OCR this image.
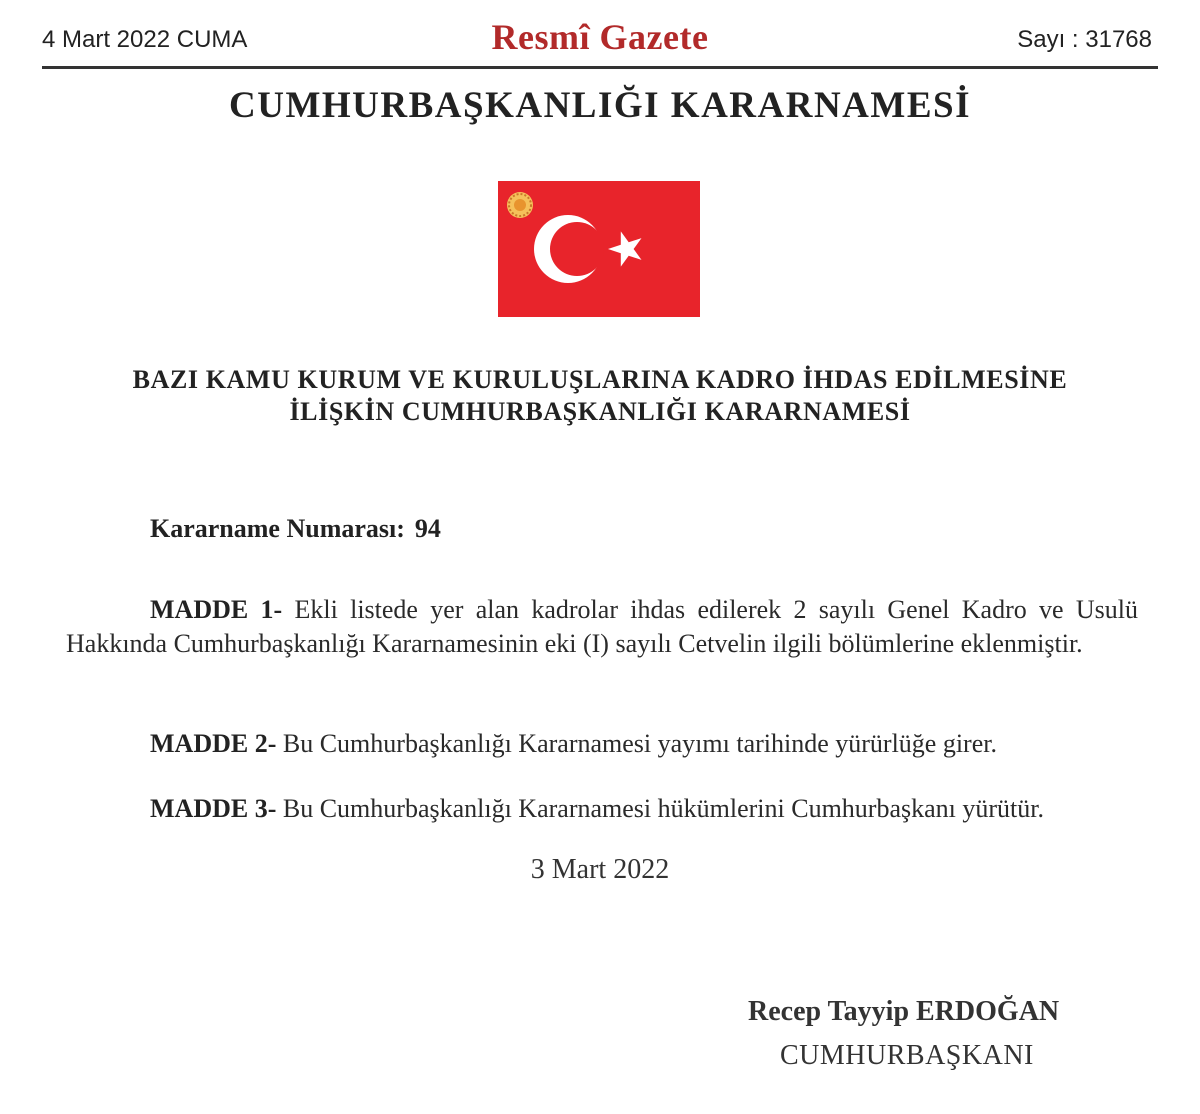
4 Mart 2022 CUMA	Resmî Gazete	Sayı : 31768
CUMHURBAŞKANLIĞI KARARNAMESİ
BAZI KAMU KURUM VE KURULUŞLARINA KADRO İHDAS EDİLMESİNE
İLİŞKİN CUMHURBAŞKANLIĞI KARARNAMESİ
Kararname Numarası: 94
MADDE 1- Ekli listede yer alan kadrolar ihdas edilerek 2 sayılı Genel Kadro ve Usulü Hakkında Cumhurbaşkanlığı Kararnamesinin eki (I) sayılı Cetvelin ilgili bölümlerine eklenmiştir.
MADDE 2- Bu Cumhurbaşkanlığı Kararnamesi yayımı tarihinde yürürlüğe girer.
MADDE 3- Bu Cumhurbaşkanlığı Kararnamesi hükümlerini Cumhurbaşkanı yürütür.
3 Mart 2022
Recep Tayyip ERDOĞAN
CUMHURBAŞKANI
